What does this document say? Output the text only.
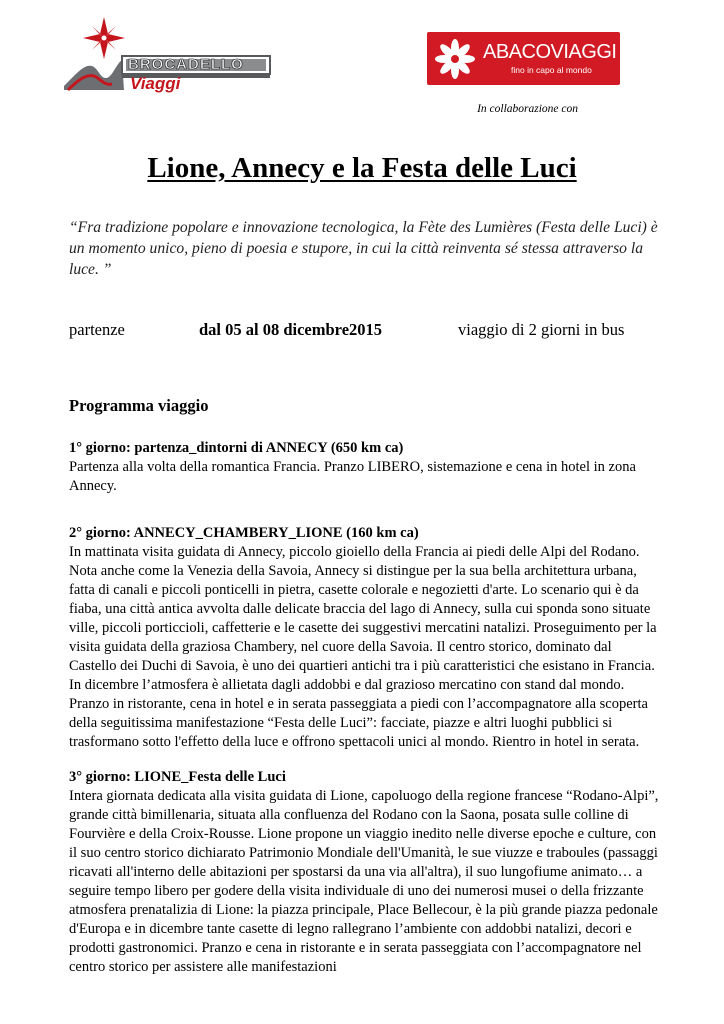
BROCADELLO
Viaggi
ABACOVIAGGI
fino in capo al mondo
In collaborazione con
Lione, Annecy e la Festa delle Luci

“Fra tradizione popolare e innovazione tecnologica, la Fète des Lumières (Festa delle Luci) è un momento unico, pieno di poesia e stupore, in cui la città reinventa sé stessa attraverso la luce. ”

partenze	dal 05 al 08 dicembre2015	viaggio di 2 giorni in bus
Programma viaggio
1° giorno: partenza_dintorni di ANNECY (650 km ca)

Partenza alla volta della romantica Francia. Pranzo LIBERO, sistemazione e cena in hotel in zona Annecy.

2° giorno: ANNECY_CHAMBERY_LIONE (160 km ca)

In mattinata visita guidata di Annecy, piccolo gioiello della Francia ai piedi delle Alpi del Rodano. Nota anche come la Venezia della Savoia, Annecy si distingue per la sua bella architettura urbana, fatta di canali e piccoli ponticelli in pietra, casette colorale e negozietti d'arte. Lo scenario qui è da fiaba, una città antica avvolta dalle delicate braccia del lago di Annecy, sulla cui sponda sono situate ville, piccoli porticcioli, caffetterie e le casette dei suggestivi mercatini natalizi. Proseguimento per la visita guidata della graziosa Chambery, nel cuore della Savoia. Il centro storico, dominato dal Castello dei Duchi di Savoia, è uno dei quartieri antichi tra i più caratteristici che esistano in Francia. In dicembre l’atmosfera è allietata dagli addobbi e dal grazioso mercatino con stand dal mondo. Pranzo in ristorante, cena in hotel e in serata passeggiata a piedi con l’accompagnatore alla scoperta della seguitissima manifestazione “Festa delle Luci”: facciate, piazze e altri luoghi pubblici si trasformano sotto l'effetto della luce e offrono spettacoli unici al mondo. Rientro in hotel in serata.

3° giorno: LIONE_Festa delle Luci

Intera giornata dedicata alla visita guidata di Lione, capoluogo della regione francese “Rodano-Alpi”, grande città bimillenaria, situata alla confluenza del Rodano con la Saona, posata sulle colline di Fourvière e della Croix-Rousse. Lione propone un viaggio inedito nelle diverse epoche e culture, con il suo centro storico dichiarato Patrimonio Mondiale dell'Umanità, le sue viuzze e traboules (passaggi ricavati all'interno delle abitazioni per spostarsi da una via all'altra), il suo lungofiume animato… a seguire tempo libero per godere della visita individuale di uno dei numerosi musei o della frizzante atmosfera prenatalizia di Lione: la piazza principale, Place Bellecour, è la più grande piazza pedonale d'Europa e in dicembre tante casette di legno rallegrano l’ambiente con addobbi natalizi, decori e prodotti gastronomici. Pranzo e cena in ristorante e in serata passeggiata con l’accompagnatore nel centro storico per assistere alle manifestazioni
